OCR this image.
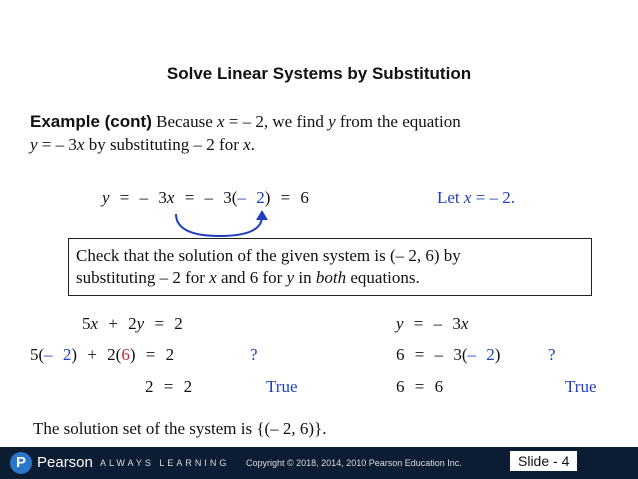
Solve Linear Systems by Substitution
Example (cont) Because x = – 2, we find y from the equation
y = – 3x by substituting – 2 for x.
y = – 3x = – 3(– 2) = 6	Let x = – 2.
Check that the solution of the given system is (– 2, 6) by
substituting – 2 for x and 6 for y in both equations.
5x + 2y = 2
5(– 2) + 2(6) = 2	?
2 = 2	True
y = – 3x
6 = – 3(– 2)	?
6 = 6	True
The solution set of the system is {(– 2, 6)}.
P Pearson ALWAYS LEARNING Copyright © 2018, 2014, 2010 Pearson Education Inc.	Slide - 4
